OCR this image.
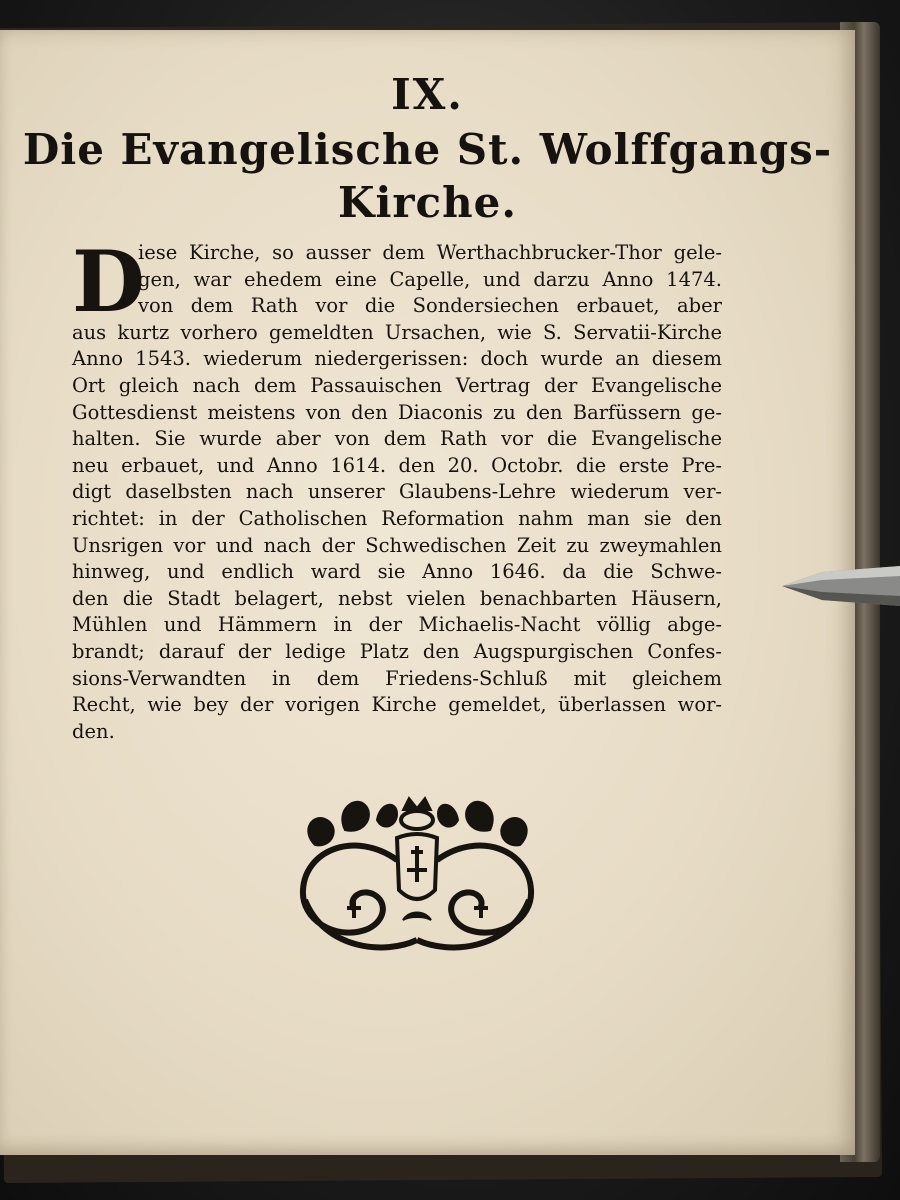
IX.
Die Evangelische St. Wolffgangs-
Kirche.
D
iese Kirche, so ausser dem Werthachbrucker-Thor gele-
gen, war ehedem eine Capelle, und darzu Anno 1474.
von dem Rath vor die Sondersiechen erbauet, aber
aus kurtz vorhero gemeldten Ursachen, wie S. Servatii-Kirche
Anno 1543. wiederum niedergerissen: doch wurde an diesem
Ort gleich nach dem Passauischen Vertrag der Evangelische
Gottesdienst meistens von den Diaconis zu den Barfüssern ge-
halten. Sie wurde aber von dem Rath vor die Evangelische
neu erbauet, und Anno 1614. den 20. Octobr. die erste Pre-
digt daselbsten nach unserer Glaubens-Lehre wiederum ver-
richtet: in der Catholischen Reformation nahm man sie den
Unsrigen vor und nach der Schwedischen Zeit zu zweymahlen
hinweg, und endlich ward sie Anno 1646. da die Schwe-
den die Stadt belagert, nebst vielen benachbarten Häusern,
Mühlen und Hämmern in der Michaelis-Nacht völlig abge-
brandt; darauf der ledige Platz den Augspurgischen Confes-
sions-Verwandten in dem Friedens-Schluß mit gleichem
Recht, wie bey der vorigen Kirche gemeldet, überlassen wor-
den.
